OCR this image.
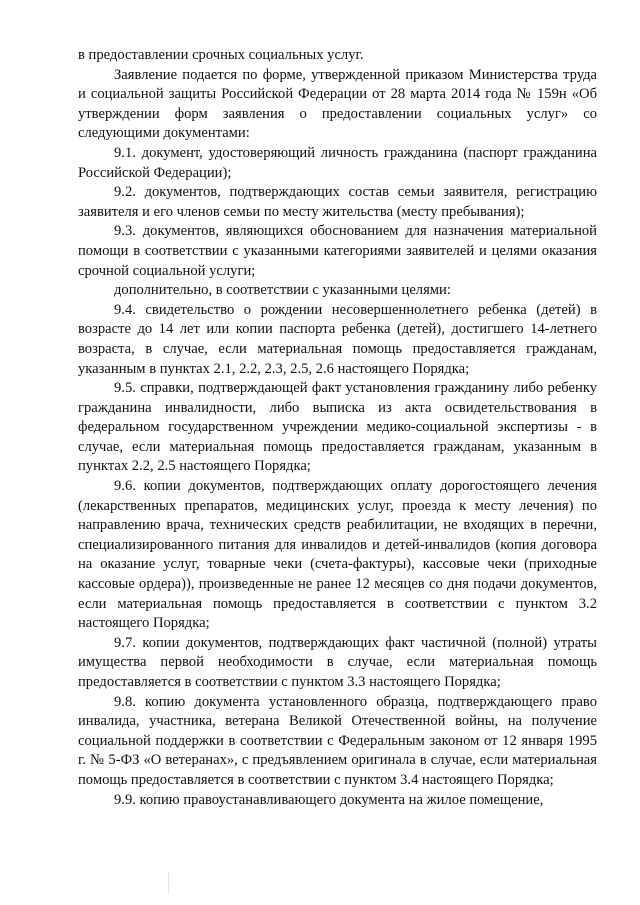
в предоставлении срочных социальных услуг.

Заявление подается по форме, утвержденной приказом Министерства труда и социальной защиты Российской Федерации от 28 марта 2014 года № 159н «Об утверждении форм заявления о предоставлении социальных услуг» со следующими документами:

9.1. документ, удостоверяющий личность гражданина (паспорт гражданина Российской Федерации);

9.2. документов, подтверждающих состав семьи заявителя, регистрацию заявителя и его членов семьи по месту жительства (месту пребывания);

9.3. документов, являющихся обоснованием для назначения материальной помощи в соответствии с указанными категориями заявителей и целями оказания срочной социальной услуги;

дополнительно, в соответствии с указанными целями:

9.4. свидетельство о рождении несовершеннолетнего ребенка (детей) в возрасте до 14 лет или копии паспорта ребенка (детей), достигшего 14-летнего возраста, в случае, если материальная помощь предоставляется гражданам, указанным в пунктах 2.1, 2.2, 2.3, 2.5, 2.6 настоящего Порядка;

9.5. справки, подтверждающей факт установления гражданину либо ребенку гражданина инвалидности, либо выписка из акта освидетельствования в федеральном государственном учреждении медико-социальной экспертизы - в случае, если материальная помощь предоставляется гражданам, указанным в пунктах 2.2, 2.5 настоящего Порядка;

9.6. копии документов, подтверждающих оплату дорогостоящего лечения (лекарственных препаратов, медицинских услуг, проезда к месту лечения) по направлению врача, технических средств реабилитации, не входящих в перечни, специализированного питания для инвалидов и детей-инвалидов (копия договора на оказание услуг, товарные чеки (счета-фактуры), кассовые чеки (приходные кассовые ордера)), произведенные не ранее 12 месяцев со дня подачи документов, если материальная помощь предоставляется в соответствии с пунктом 3.2 настоящего Порядка;

9.7. копии документов, подтверждающих факт частичной (полной) утраты имущества первой необходимости в случае, если материальная помощь предоставляется в соответствии с пунктом 3.3 настоящего Порядка;

9.8. копию документа установленного образца, подтверждающего право инвалида, участника, ветерана Великой Отечественной войны, на получение социальной поддержки в соответствии с Федеральным законом от 12 января 1995 г. № 5-ФЗ «О ветеранах», с предъявлением оригинала в случае, если материальная помощь предоставляется в соответствии с пунктом 3.4 настоящего Порядка;

9.9. копию правоустанавливающего документа на жилое помещение,
